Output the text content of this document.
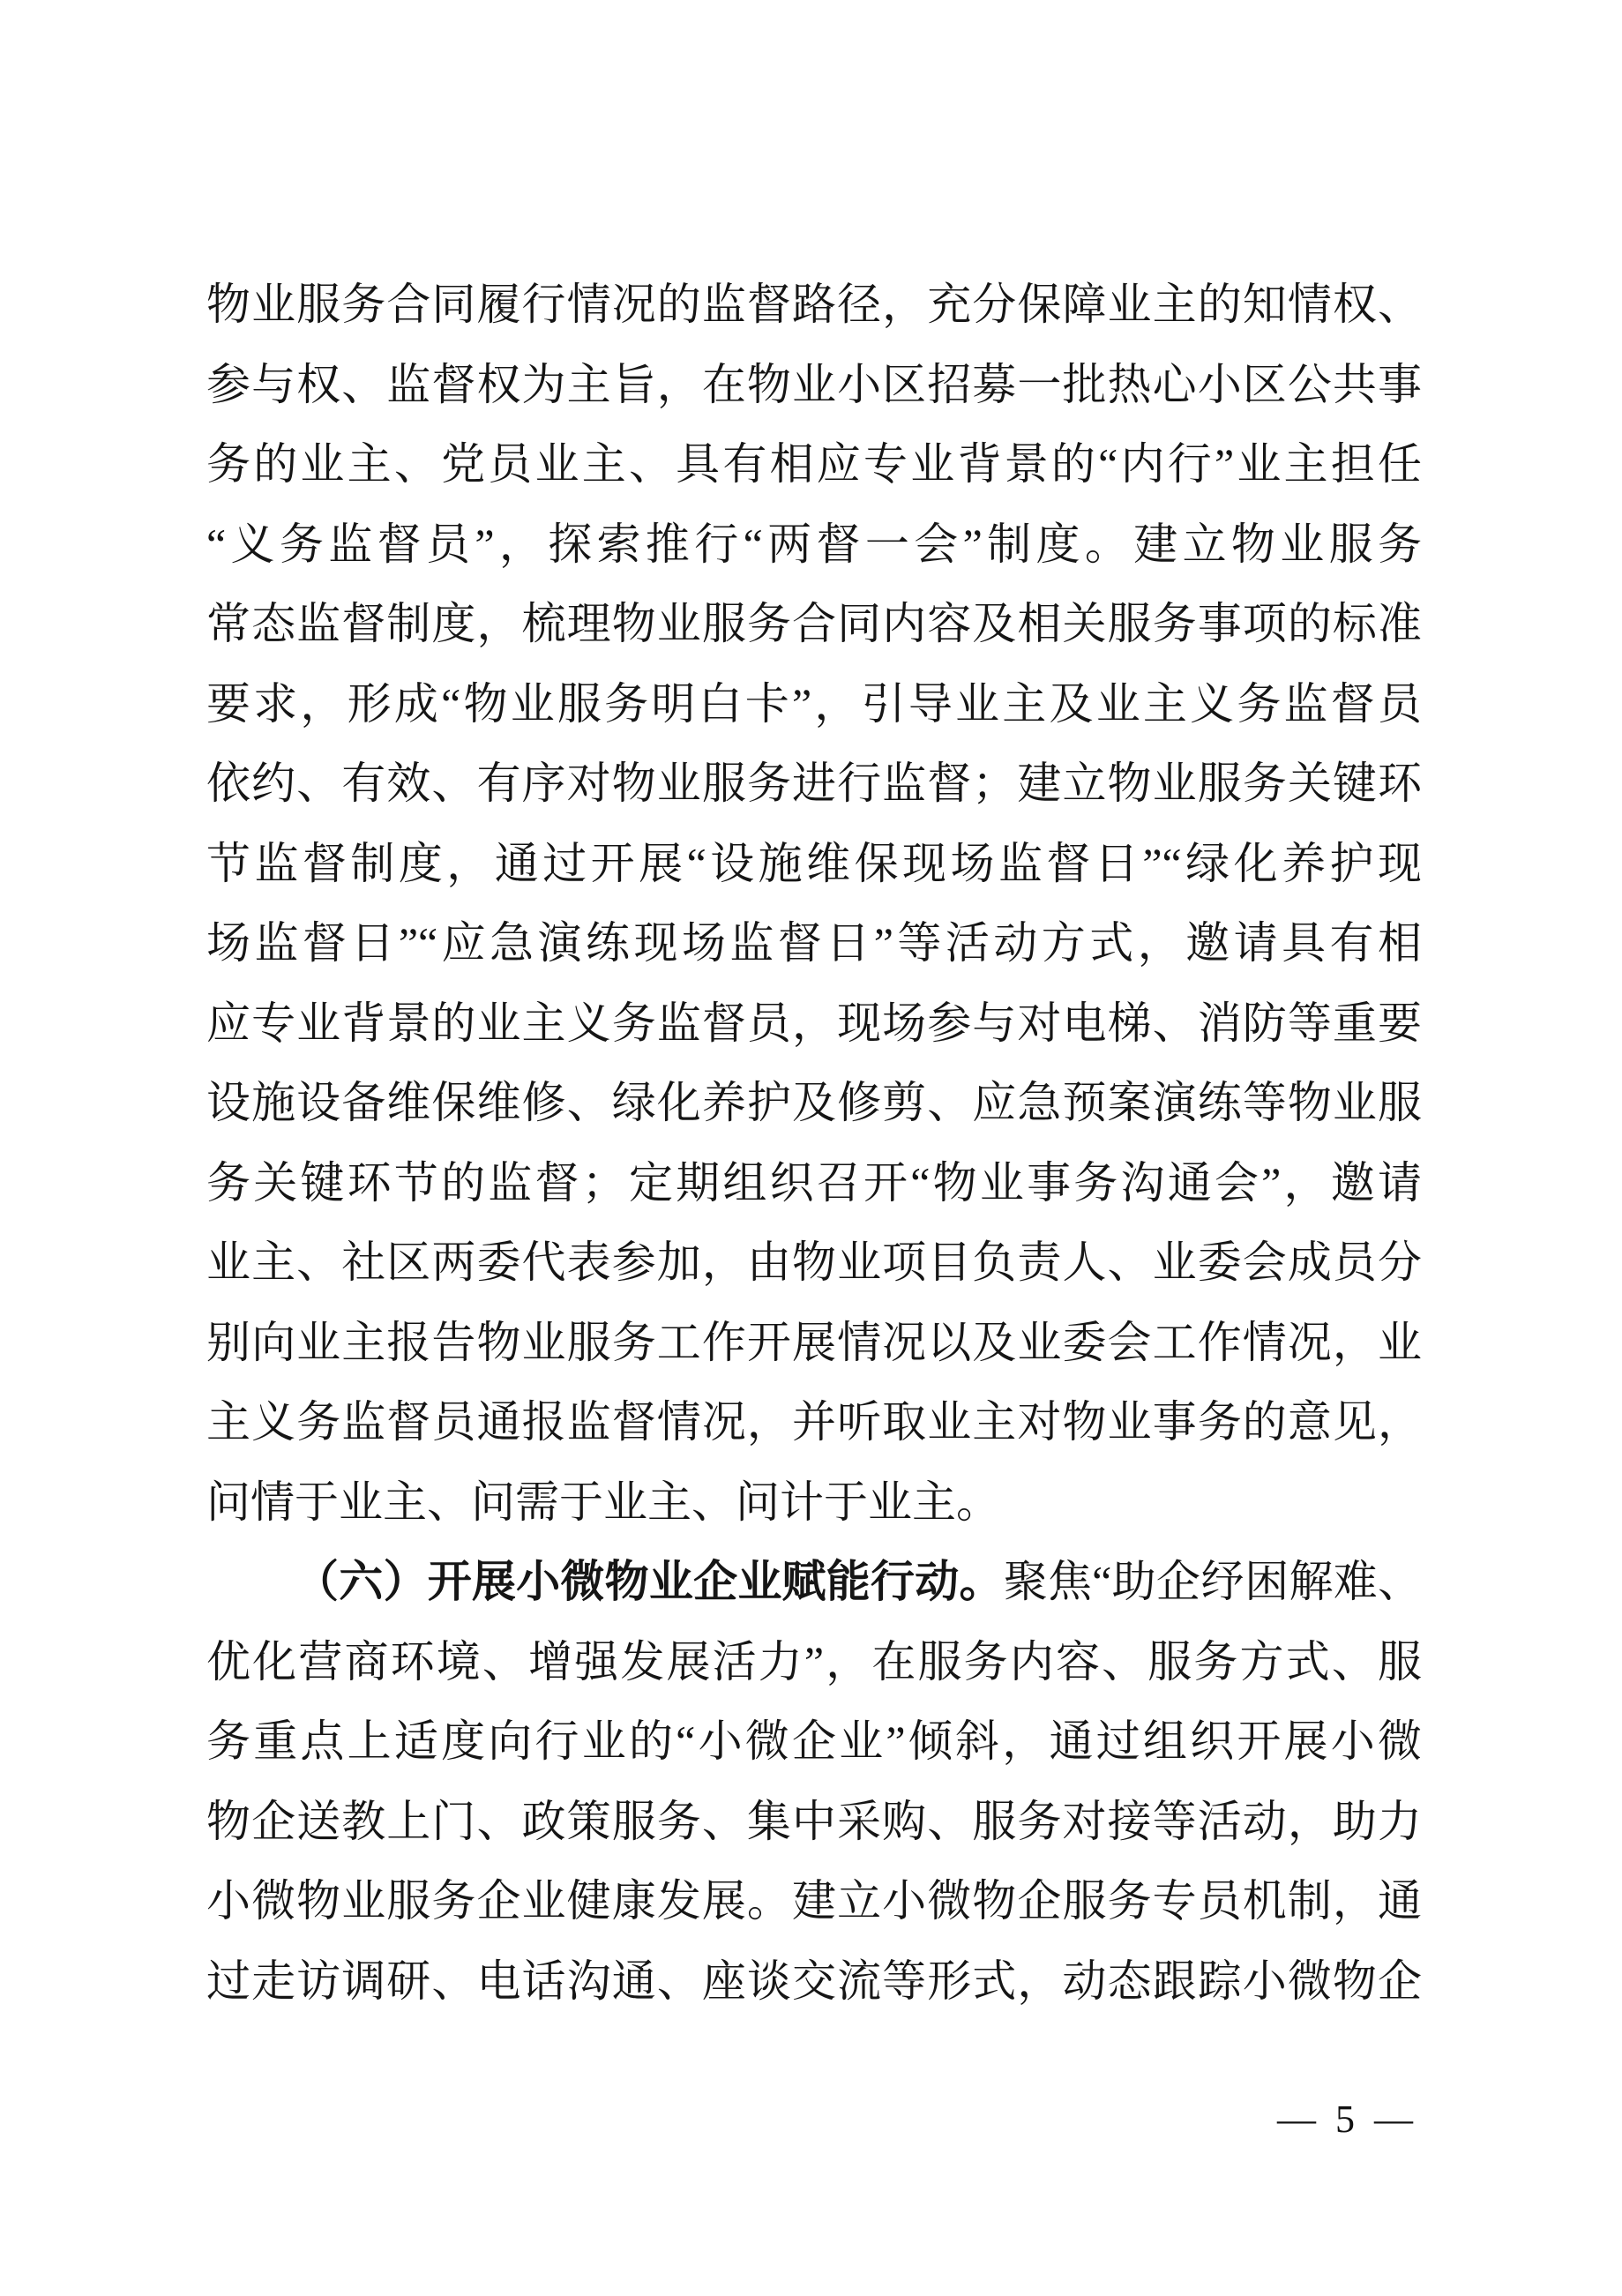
物业服务合同履行情况的监督路径，充分保障业主的知情权、
参与权、监督权为主旨，在物业小区招募一批热心小区公共事
务的业主、党员业主、具有相应专业背景的“内行”业主担任
“义务监督员”，探索推行“两督一会”制度。建立物业服务
常态监督制度，梳理物业服务合同内容及相关服务事项的标准
要求，形成“物业服务明白卡”，引导业主及业主义务监督员
依约、有效、有序对物业服务进行监督；建立物业服务关键环
节监督制度，通过开展“设施维保现场监督日”“绿化养护现
场监督日”“应急演练现场监督日”等活动方式，邀请具有相
应专业背景的业主义务监督员，现场参与对电梯、消防等重要
设施设备维保维修、绿化养护及修剪、应急预案演练等物业服
务关键环节的监督；定期组织召开“物业事务沟通会”，邀请
业主、社区两委代表参加，由物业项目负责人、业委会成员分
别向业主报告物业服务工作开展情况以及业委会工作情况，业
主义务监督员通报监督情况，并听取业主对物业事务的意见，
问情于业主、问需于业主、问计于业主。
（六）开展小微物业企业赋能行动。聚焦“助企纾困解难、
优化营商环境、增强发展活力”，在服务内容、服务方式、服
务重点上适度向行业的“小微企业”倾斜，通过组织开展小微
物企送教上门、政策服务、集中采购、服务对接等活动，助力
小微物业服务企业健康发展。建立小微物企服务专员机制，通
过走访调研、电话沟通、座谈交流等形式，动态跟踪小微物企
— 5 —
